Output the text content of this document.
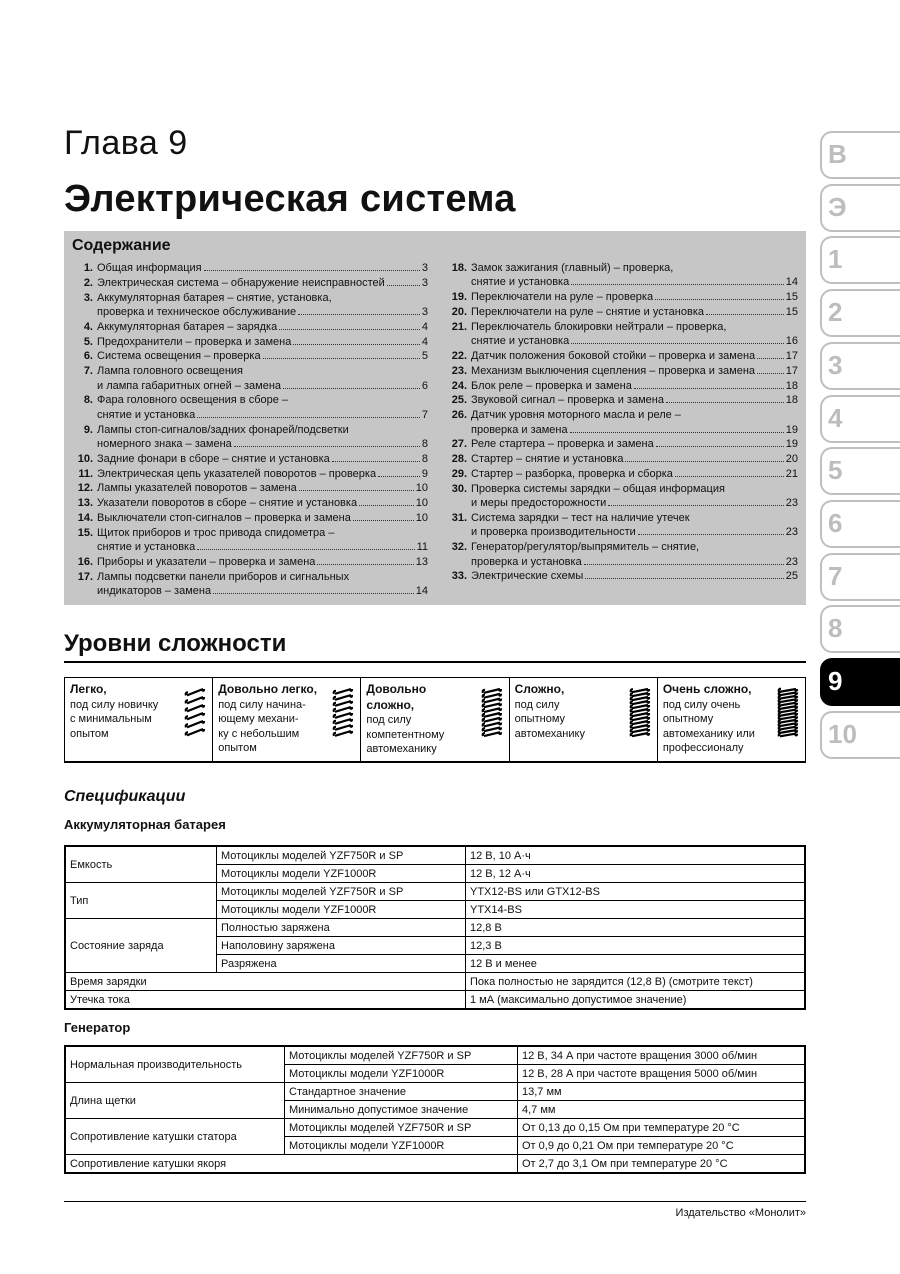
Глава 9
Электрическая система
Содержание
1. Общая информация	3
2. Электрическая система – обнаружение неисправностей	3
3. Аккумуляторная батарея – снятие, установка,
проверка и техническое обслуживание	3
4. Аккумуляторная батарея – зарядка	4
5. Предохранители – проверка и замена	4
6. Система освещения – проверка	5
7. Лампа головного освещения
и лампа габаритных огней – замена	6
8. Фара головного освещения в сборе –
снятие и установка	7
9. Лампы стоп-сигналов/задних фонарей/подсветки
номерного знака – замена	8
10. Задние фонари в сборе – снятие и установка	8
11. Электрическая цепь указателей поворотов – проверка	9
12. Лампы указателей поворотов – замена	10
13. Указатели поворотов в сборе – снятие и установка	10
14. Выключатели стоп-сигналов – проверка и замена	10
15. Щиток приборов и трос привода спидометра –
снятие и установка	11
16. Приборы и указатели – проверка и замена	13
17. Лампы подсветки панели приборов и сигнальных
индикаторов – замена	14
18. Замок зажигания (главный) – проверка,
снятие и установка	14
19. Переключатели на руле – проверка	15
20. Переключатели на руле – снятие и установка	15
21. Переключатель блокировки нейтрали – проверка,
снятие и установка	16
22. Датчик положения боковой стойки – проверка и замена	17
23. Механизм выключения сцепления – проверка и замена	17
24. Блок реле – проверка и замена	18
25. Звуковой сигнал – проверка и замена	18
26. Датчик уровня моторного масла и реле –
проверка и замена	19
27. Реле стартера – проверка и замена	19
28. Стартер – снятие и установка	20
29. Стартер – разборка, проверка и сборка	21
30. Проверка системы зарядки – общая информация
и меры предосторожности	23
31. Система зарядки – тест на наличие утечек
и проверка производительности	23
32. Генератор/регулятор/выпрямитель – снятие,
проверка и установка	23
33. Электрические схемы	25
В
Э
1
2
3
4
5
6
7
8
9
10
Уровни сложности
Легко,
под силу новичку
с минимальным
опытом

Довольно легко,
под силу начина-
ющему механи-
ку с небольшим
опытом

Довольно
сложно,
под силу
компетентному
автомеханику

Сложно,
под силу
опытному
автомеханику

Очень сложно,
под силу очень
опытному
автомеханику или
профессионалу

Спецификации
Аккумуляторная батарея
Емкость	Мотоциклы моделей YZF750R и SP	12 В, 10 А·ч
	Мотоциклы модели YZF1000R	12 В, 12 А·ч
Тип	Мотоциклы моделей YZF750R и SP	YTX12-BS или GTX12-BS
	Мотоциклы модели YZF1000R	YTX14-BS
Состояние заряда	Полностью заряжена	12,8 В
	Наполовину заряжена	12,3 В
	Разряжена	12 В и менее
Время зарядки		Пока полностью не зарядится (12,8 В) (смотрите текст)
Утечка тока		1 мА (максимально допустимое значение)
Генератор
Нормальная производительность	Мотоциклы моделей YZF750R и SP	12 В, 34 А при частоте вращения 3000 об/мин
	Мотоциклы модели YZF1000R	12 В, 28 А при частоте вращения 5000 об/мин
Длина щетки	Стандартное значение	13,7 мм
	Минимально допустимое значение	4,7 мм
Сопротивление катушки статора	Мотоциклы моделей YZF750R и SP	От 0,13 до 0,15 Ом при температуре 20 °С
	Мотоциклы модели YZF1000R	От 0,9 до 0,21 Ом при температуре 20 °С
Сопротивление катушки якоря		От 2,7 до 3,1 Ом при температуре 20 °С
Издательство «Монолит»
